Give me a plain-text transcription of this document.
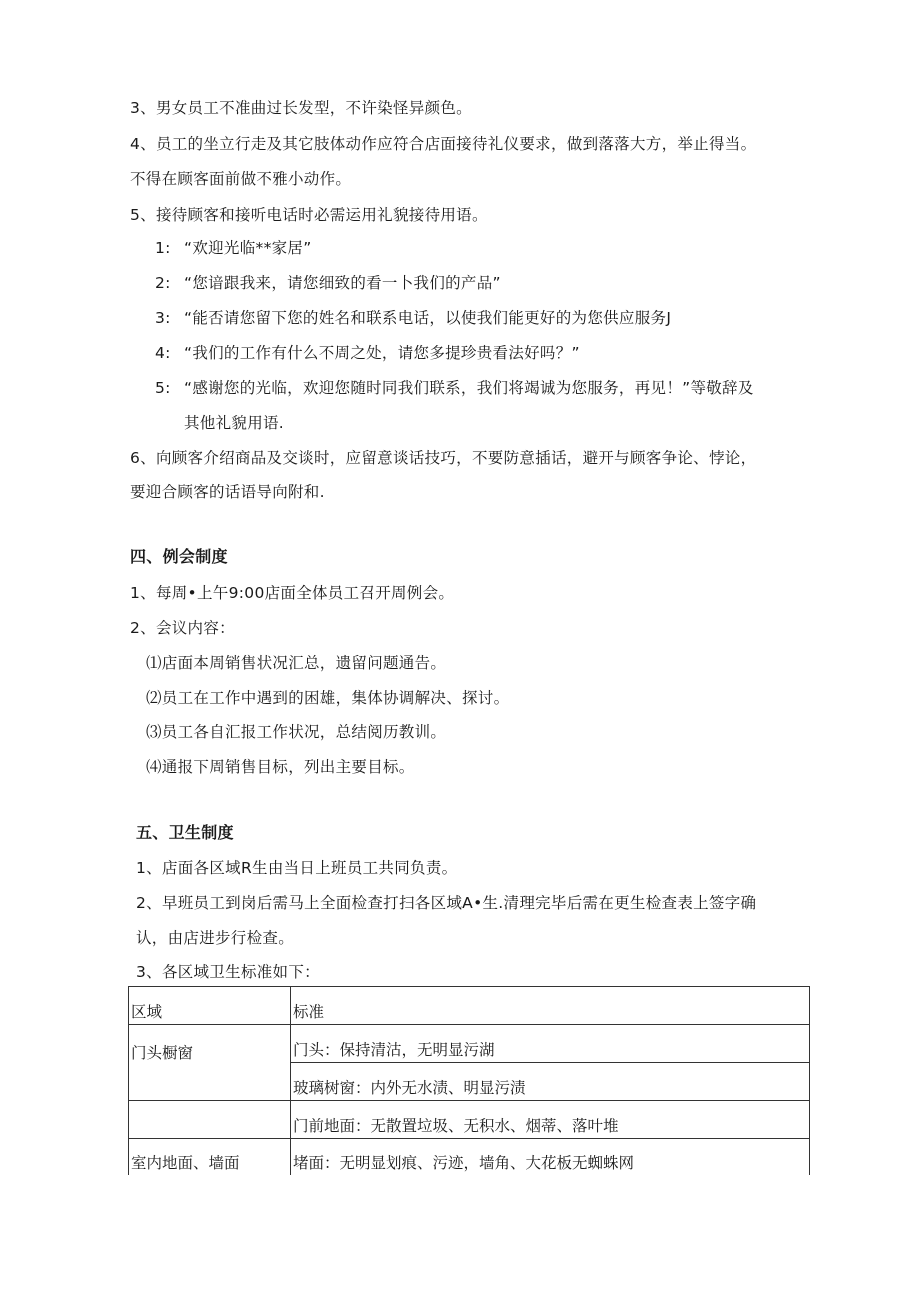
3、男女员工不准曲过长发型，不许染怪异颜色。
4、员工的坐立行走及其它肢体动作应符合店面接待礼仪要求，做到落落大方，举止得当。
不得在顾客面前做不雅小动作。
5、接待顾客和接听电话时必需运用礼貌接待用语。
1: “欢迎光临**家居”
2: “您谙跟我来，请您细致的看一卜我们的产品”
3: “能否请您留下您的姓名和联系电话，以使我们能更好的为您供应服务J
4: “我们的工作有什么不周之处，请您多提珍贵看法好吗？”
5: “感谢您的光临，欢迎您随时同我们联系，我们将竭诚为您服务，再见！”等敬辞及
其他礼貌用语.
6、向顾客介绍商品及交谈时，应留意谈话技巧，不要防意插话，避开与顾客争论、悖论，
要迎合顾客的话语导向附和.
四、例会制度
1、每周•上午9:00店面全体员工召开周例会。
2、会议内容：
⑴店面本周销售状况汇总，遗留问题通告。
⑵员工在工作中遇到的困雄，集体协调解决、探讨。
⑶员工各自汇报工作状况，总结阅历教训。
⑷通报下周销售目标，列出主要目标。
五、卫生制度
1、店面各区域R生由当日上班员工共同负责。
2、早班员工到岗后需马上全面检查打扫各区域A•生.清理完毕后需在更生检查表上签字确
认，由店进步行检查。
3、各区域卫生标准如下：
区域	标准
门头橱窗	门头：保持清沽，无明显污湖
	玻璃树窗：内外无水渍、明显污渍
	门前地面：无散置垃圾、无积水、烟蒂、落叶堆
室内地面、墙面	堵面：无明显划痕、污迹，墙角、大花板无蜘蛛网
